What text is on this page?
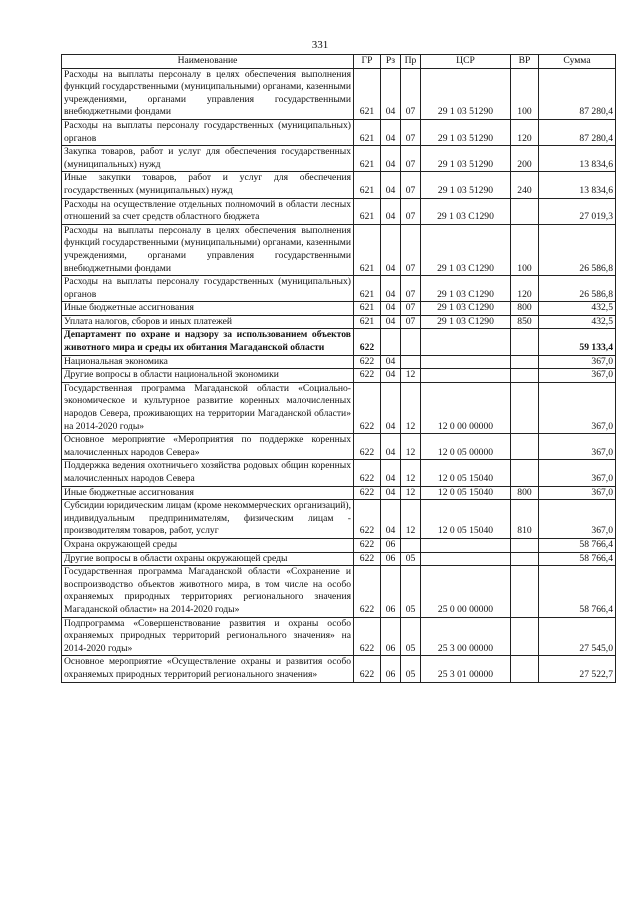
331
Наименование	ГР	Рз	Пр	ЦСР	ВР	Сумма
Расходы на выплаты персоналу в целях обеспечения выполнения функций государственными (муниципальными) органами, казенными учреждениями, органами управления государственными внебюджетными фондами	621	04	07	29 1 03 51290	100	87 280,4
Расходы на выплаты персоналу государственных (муниципальных) органов	621	04	07	29 1 03 51290	120	87 280,4
Закупка товаров, работ и услуг для обеспечения государственных (муниципальных) нужд	621	04	07	29 1 03 51290	200	13 834,6
Иные закупки товаров, работ и услуг для обеспечения государственных (муниципальных) нужд	621	04	07	29 1 03 51290	240	13 834,6
Расходы на осуществление отдельных полномочий в области лесных отношений за счет средств областного бюджета	621	04	07	29 1 03 С1290		27 019,3
Расходы на выплаты персоналу в целях обеспечения выполнения функций государственными (муниципальными) органами, казенными учреждениями, органами управления государственными внебюджетными фондами	621	04	07	29 1 03 С1290	100	26 586,8
Расходы на выплаты персоналу государственных (муниципальных) органов	621	04	07	29 1 03 С1290	120	26 586,8
Иные бюджетные ассигнования	621	04	07	29 1 03 С1290	800	432,5
Уплата налогов, сборов и иных платежей	621	04	07	29 1 03 С1290	850	432,5
Департамент по охране и надзору за использованием объектов животного мира и среды их обитания Магаданской области	622					59 133,4
Национальная экономика	622	04				367,0
Другие вопросы в области национальной экономики	622	04	12			367,0
Государственная программа Магаданской области «Социально-экономическое и культурное развитие коренных малочисленных народов Севера, проживающих на территории Магаданской области» на 2014-2020 годы»	622	04	12	12 0 00 00000		367,0
Основное мероприятие «Мероприятия по поддержке коренных малочисленных народов Севера»	622	04	12	12 0 05 00000		367,0
Поддержка ведения охотничьего хозяйства родовых общин коренных малочисленных народов Севера	622	04	12	12 0 05 15040		367,0
Иные бюджетные ассигнования	622	04	12	12 0 05 15040	800	367,0
Субсидии юридическим лицам (кроме некоммерческих организаций), индивидуальным предпринимателям, физическим лицам - производителям товаров, работ, услуг	622	04	12	12 0 05 15040	810	367,0
Охрана окружающей среды	622	06				58 766,4
Другие вопросы в области охраны окружающей среды	622	06	05			58 766,4
Государственная программа Магаданской области «Сохранение и воспроизводство объектов животного мира, в том числе на особо охраняемых природных территориях регионального значения Магаданской области» на 2014-2020 годы»	622	06	05	25 0 00 00000		58 766,4
Подпрограмма «Совершенствование развития и охраны особо охраняемых природных территорий регионального значения» на 2014-2020 годы»	622	06	05	25 3 00 00000		27 545,0
Основное мероприятие «Осуществление охраны и развития особо охраняемых природных территорий регионального значения»	622	06	05	25 3 01 00000		27 522,7
